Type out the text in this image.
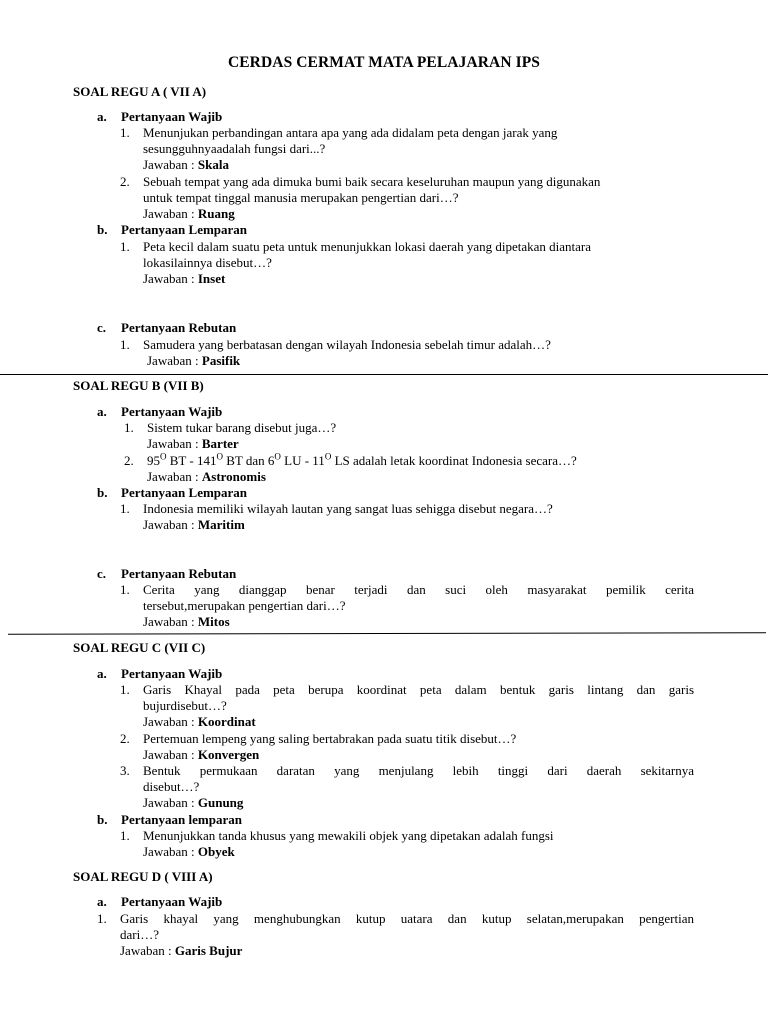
CERDAS CERMAT MATA PELAJARAN IPS
SOAL REGU A ( VII A)
a. Pertanyaan Wajib
1. Menunjukan perbandingan antara apa yang ada didalam peta dengan jarak yang
sesungguhnyaadalah fungsi dari...?
Jawaban : Skala
2. Sebuah tempat yang ada dimuka bumi baik secara keseluruhan maupun yang digunakan
untuk tempat tinggal manusia merupakan pengertian dari…?
Jawaban : Ruang
b. Pertanyaan Lemparan
1. Peta kecil dalam suatu peta untuk menunjukkan lokasi daerah yang dipetakan diantara
lokasilainnya disebut…?
Jawaban : Inset
c. Pertanyaan Rebutan
1. Samudera yang berbatasan dengan wilayah Indonesia sebelah timur adalah…?
Jawaban : Pasifik
SOAL REGU B (VII B)
a. Pertanyaan Wajib
1. Sistem tukar barang disebut juga…?
Jawaban : Barter
2. $95^O$ BT - $141^O$ BT dan $6^O$ LU - $11^O$ LS adalah letak koordinat Indonesia secara…?
Jawaban : Astronomis
b. Pertanyaan Lemparan
1. Indonesia memiliki wilayah lautan yang sangat luas sehigga disebut negara…?
Jawaban : Maritim
c. Pertanyaan Rebutan
1. Cerita yang dianggap benar terjadi dan suci oleh masyarakat pemilik cerita
tersebut,merupakan pengertian dari…?
Jawaban : Mitos
SOAL REGU C (VII C)
a. Pertanyaan Wajib
1. Garis Khayal pada peta berupa koordinat peta dalam bentuk garis lintang dan garis
bujurdisebut…?
Jawaban : Koordinat
2. Pertemuan lempeng yang saling bertabrakan pada suatu titik disebut…?
Jawaban : Konvergen
3. Bentuk permukaan daratan yang menjulang lebih tinggi dari daerah sekitarnya
disebut…?
Jawaban : Gunung
b. Pertanyaan lemparan
1. Menunjukkan tanda khusus yang mewakili objek yang dipetakan adalah fungsi
Jawaban : Obyek
SOAL REGU D ( VIII A)
a. Pertanyaan Wajib
1. Garis khayal yang menghubungkan kutup uatara dan kutup selatan,merupakan pengertian
dari…?
Jawaban : Garis Bujur
